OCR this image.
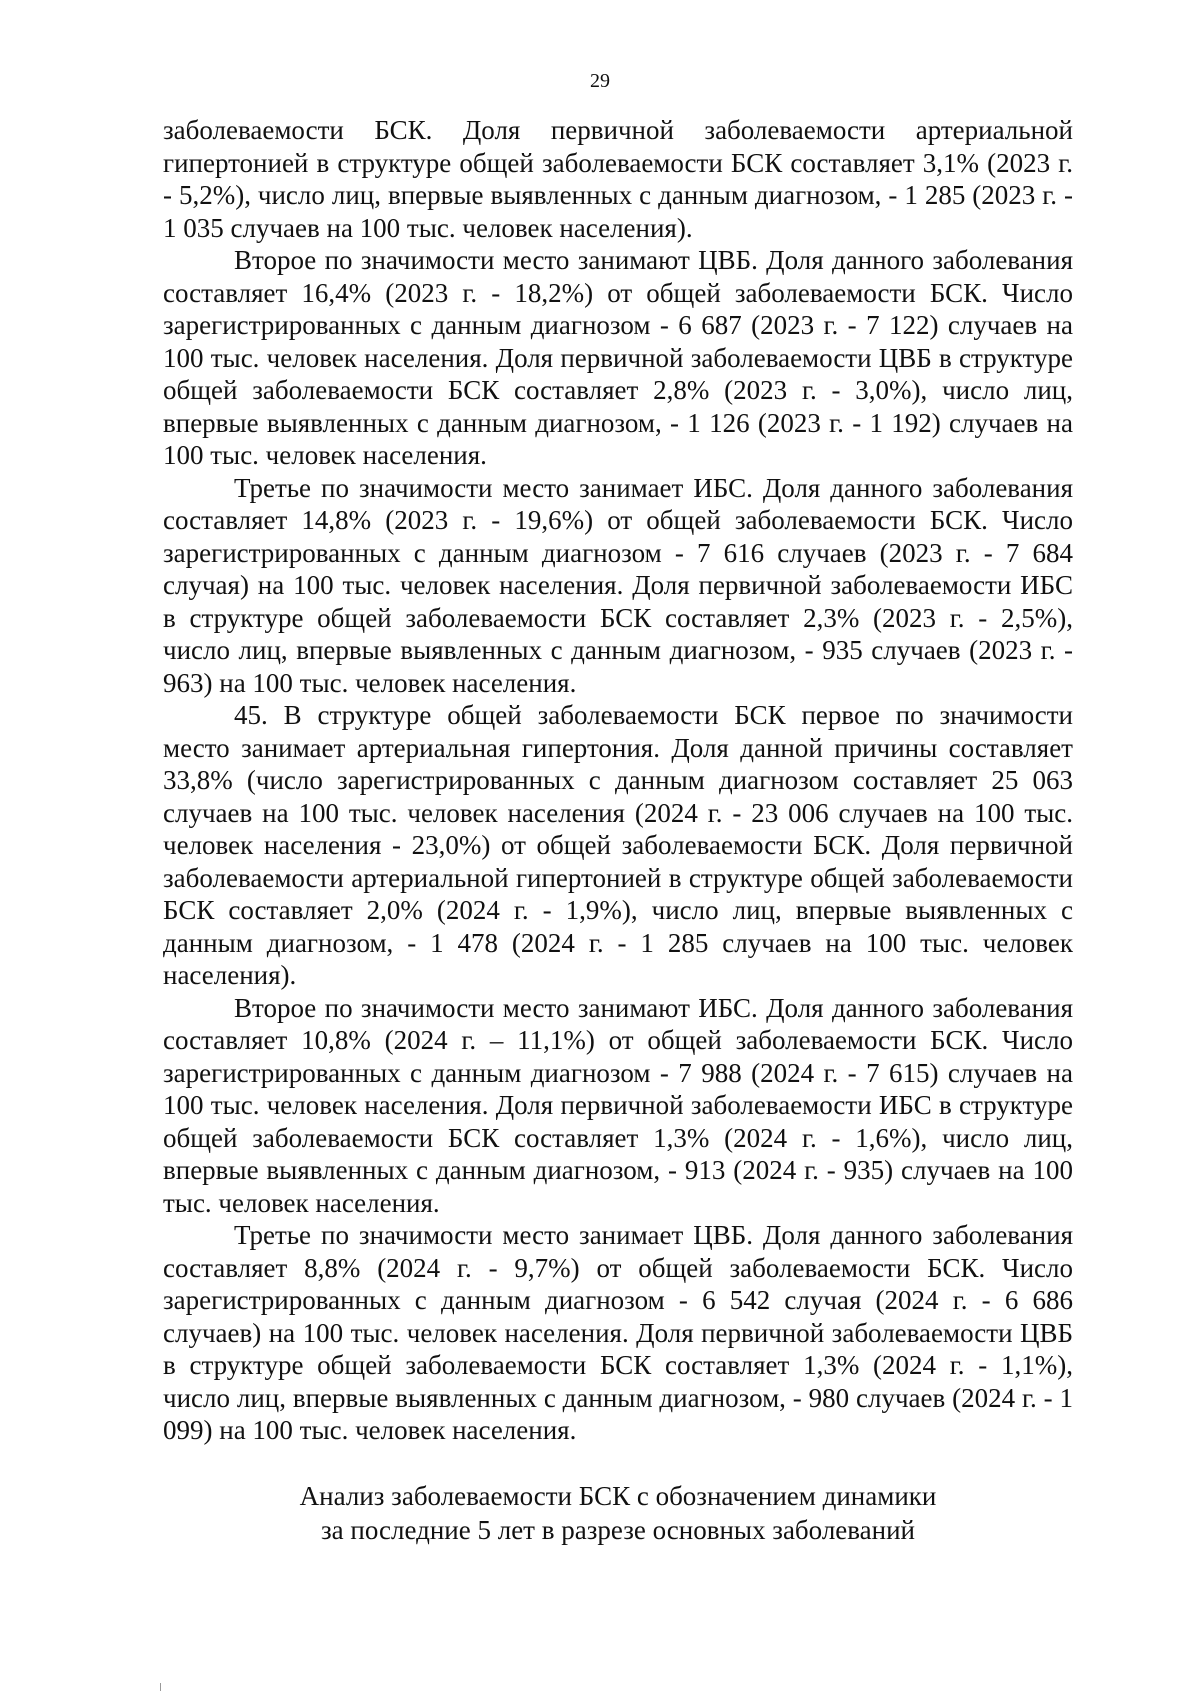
29

заболеваемости БСК. Доля первичной заболеваемости артериальной гипертонией в структуре общей заболеваемости БСК составляет 3,1% (2023 г. - 5,2%), число лиц, впервые выявленных с данным диагнозом, - 1 285 (2023 г. - 1 035 случаев на 100 тыс. человек населения).

Второе по значимости место занимают ЦВБ. Доля данного заболевания составляет 16,4% (2023 г. - 18,2%) от общей заболеваемости БСК. Число зарегистрированных с данным диагнозом - 6 687 (2023 г. - 7 122) случаев на 100 тыс. человек населения. Доля первичной заболеваемости ЦВБ в структуре общей заболеваемости БСК составляет 2,8% (2023 г. - 3,0%), число лиц, впервые выявленных с данным диагнозом, - 1 126 (2023 г. - 1 192) случаев на 100 тыс. человек населения.

Третье по значимости место занимает ИБС. Доля данного заболевания составляет 14,8% (2023 г. - 19,6%) от общей заболеваемости БСК. Число зарегистрированных с данным диагнозом - 7 616 случаев (2023 г. - 7 684 случая) на 100 тыс. человек населения. Доля первичной заболеваемости ИБС в структуре общей заболеваемости БСК составляет 2,3% (2023 г. - 2,5%), число лиц, впервые выявленных с данным диагнозом, - 935 случаев (2023 г. - 963) на 100 тыс. человек населения.

45. В структуре общей заболеваемости БСК первое по значимости место занимает артериальная гипертония. Доля данной причины составляет 33,8% (число зарегистрированных с данным диагнозом составляет 25 063 случаев на 100 тыс. человек населения (2024 г. - 23 006 случаев на 100 тыс. человек населения - 23,0%) от общей заболеваемости БСК. Доля первичной заболеваемости артериальной гипертонией в структуре общей заболеваемости БСК составляет 2,0% (2024 г. - 1,9%), число лиц, впервые выявленных с данным диагнозом, - 1 478 (2024 г. - 1 285 случаев на 100 тыс. человек населения).

Второе по значимости место занимают ИБС. Доля данного заболевания составляет 10,8% (2024 г. – 11,1%) от общей заболеваемости БСК. Число зарегистрированных с данным диагнозом - 7 988 (2024 г. - 7 615) случаев на 100 тыс. человек населения. Доля первичной заболеваемости ИБС в структуре общей заболеваемости БСК составляет 1,3% (2024 г. - 1,6%), число лиц, впервые выявленных с данным диагнозом, - 913 (2024 г. - 935) случаев на 100 тыс. человек населения.

Третье по значимости место занимает ЦВБ. Доля данного заболевания составляет 8,8% (2024 г. - 9,7%) от общей заболеваемости БСК. Число зарегистрированных с данным диагнозом - 6 542 случая (2024 г. - 6 686 случаев) на 100 тыс. человек населения. Доля первичной заболеваемости ЦВБ в структуре общей заболеваемости БСК составляет 1,3% (2024 г. - 1,1%), число лиц, впервые выявленных с данным диагнозом, - 980 случаев (2024 г. - 1 099) на 100 тыс. человек населения.

Анализ заболеваемости БСК с обозначением динамики
за последние 5 лет в разрезе основных заболеваний
